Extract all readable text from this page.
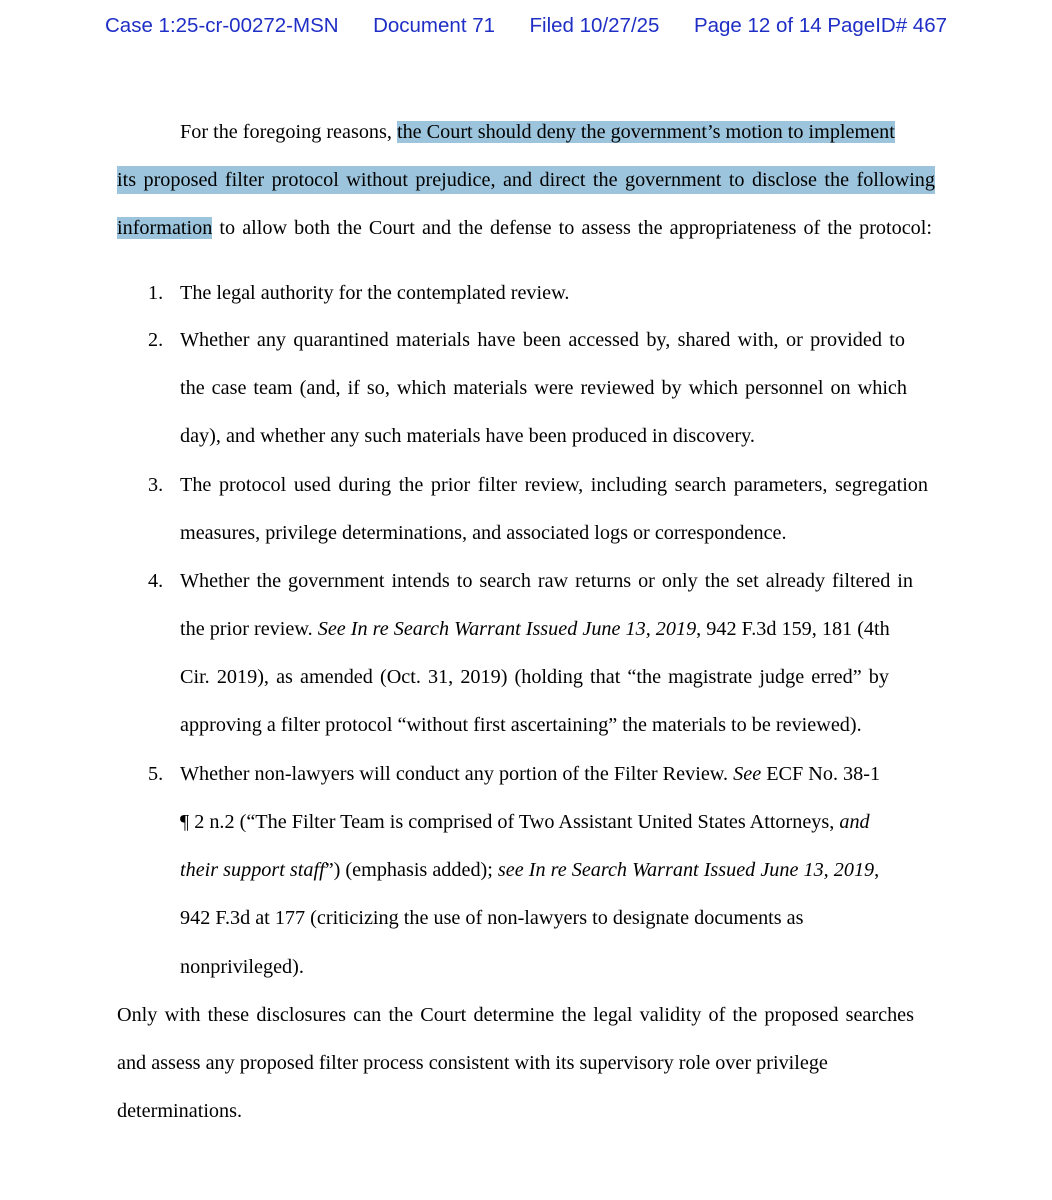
Case 1:25-cr-00272-MSN Document 71 Filed 10/27/25 Page 12 of 14 PageID# 467
For the foregoing reasons, the Court should deny the government’s motion to implement
its proposed filter protocol without prejudice, and direct the government to disclose the following
information to allow both the Court and the defense to assess the appropriateness of the protocol:
1. The legal authority for the contemplated review.
2. Whether any quarantined materials have been accessed by, shared with, or provided to
the case team (and, if so, which materials were reviewed by which personnel on which
day), and whether any such materials have been produced in discovery.
3. The protocol used during the prior filter review, including search parameters, segregation
measures, privilege determinations, and associated logs or correspondence.
4. Whether the government intends to search raw returns or only the set already filtered in
the prior review. See In re Search Warrant Issued June 13, 2019, 942 F.3d 159, 181 (4th
Cir. 2019), as amended (Oct. 31, 2019) (holding that “the magistrate judge erred” by
approving a filter protocol “without first ascertaining” the materials to be reviewed).
5. Whether non-lawyers will conduct any portion of the Filter Review. See ECF No. 38-1
¶ 2 n.2 (“The Filter Team is comprised of Two Assistant United States Attorneys, and
their support staff”) (emphasis added); see In re Search Warrant Issued June 13, 2019,
942 F.3d at 177 (criticizing the use of non-lawyers to designate documents as
nonprivileged).
Only with these disclosures can the Court determine the legal validity of the proposed searches
and assess any proposed filter process consistent with its supervisory role over privilege
determinations.
